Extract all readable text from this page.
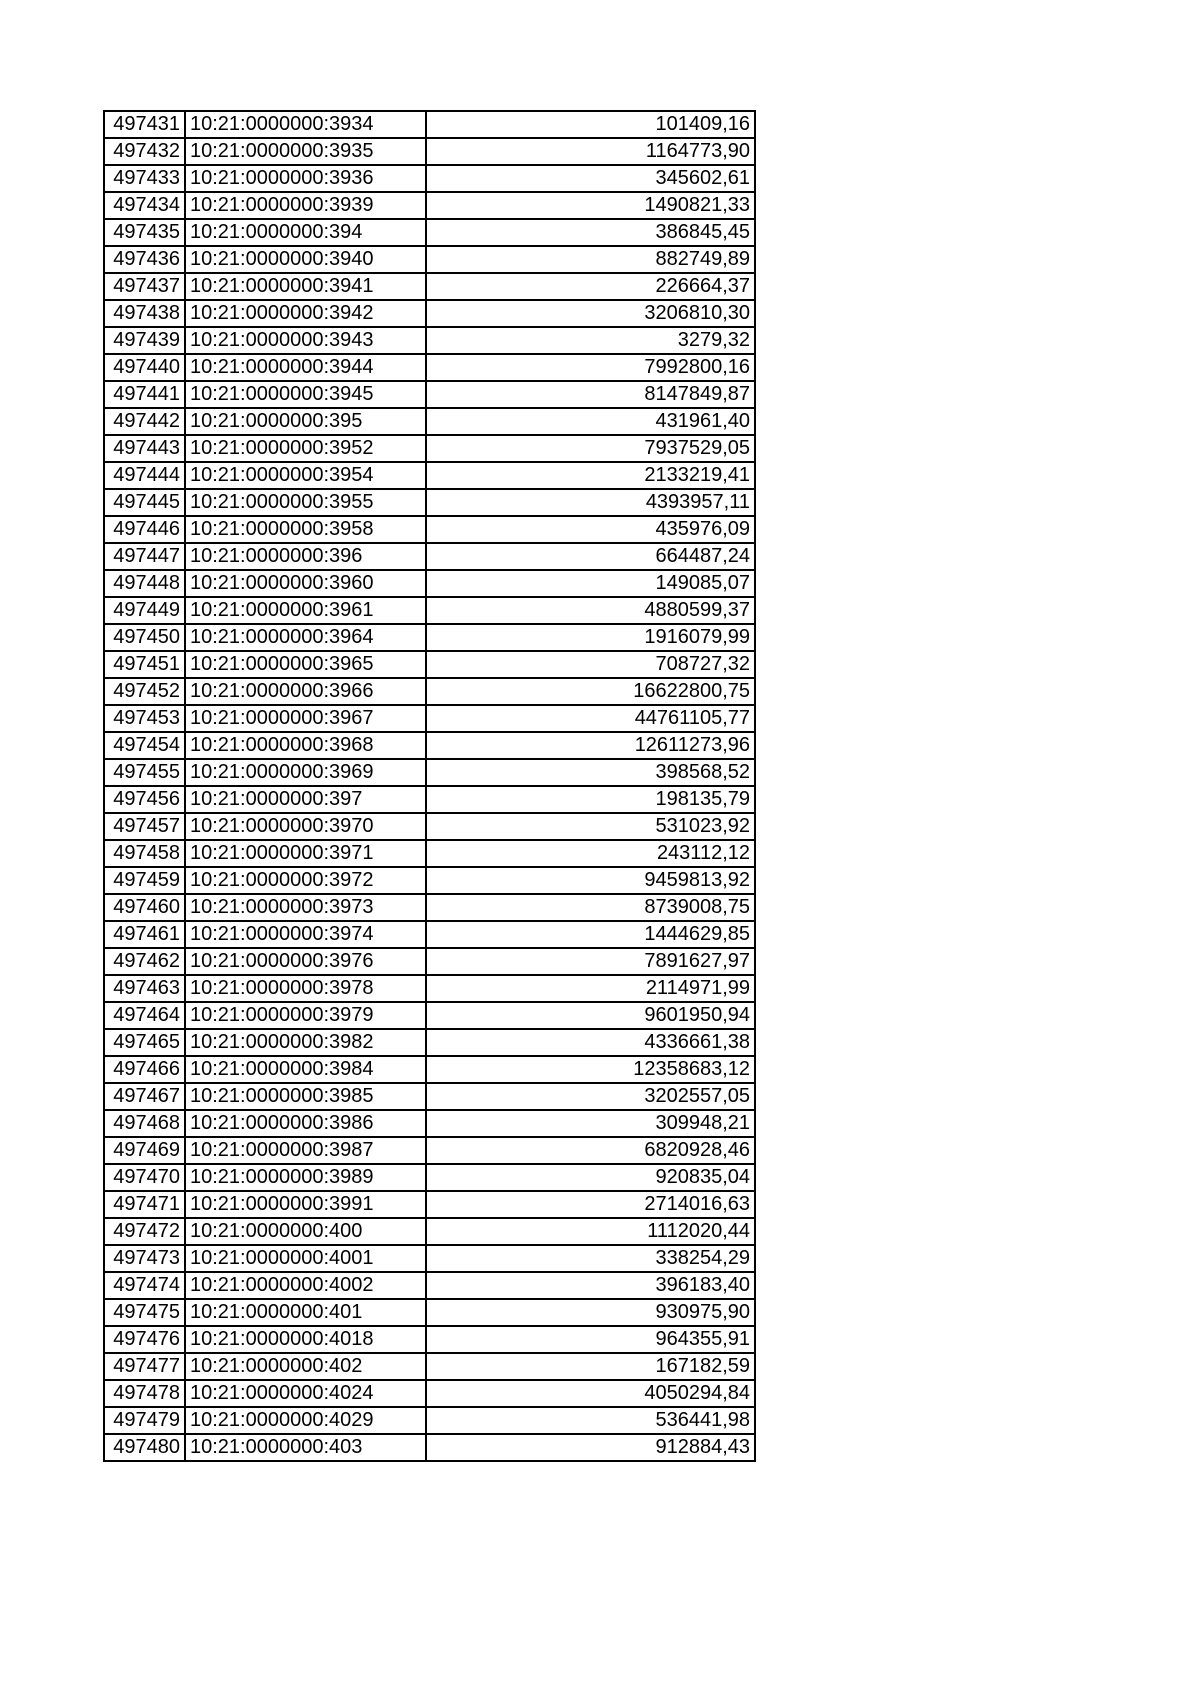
497431	10:21:0000000:3934	101409,16
497432	10:21:0000000:3935	1164773,90
497433	10:21:0000000:3936	345602,61
497434	10:21:0000000:3939	1490821,33
497435	10:21:0000000:394	386845,45
497436	10:21:0000000:3940	882749,89
497437	10:21:0000000:3941	226664,37
497438	10:21:0000000:3942	3206810,30
497439	10:21:0000000:3943	3279,32
497440	10:21:0000000:3944	7992800,16
497441	10:21:0000000:3945	8147849,87
497442	10:21:0000000:395	431961,40
497443	10:21:0000000:3952	7937529,05
497444	10:21:0000000:3954	2133219,41
497445	10:21:0000000:3955	4393957,11
497446	10:21:0000000:3958	435976,09
497447	10:21:0000000:396	664487,24
497448	10:21:0000000:3960	149085,07
497449	10:21:0000000:3961	4880599,37
497450	10:21:0000000:3964	1916079,99
497451	10:21:0000000:3965	708727,32
497452	10:21:0000000:3966	16622800,75
497453	10:21:0000000:3967	44761105,77
497454	10:21:0000000:3968	12611273,96
497455	10:21:0000000:3969	398568,52
497456	10:21:0000000:397	198135,79
497457	10:21:0000000:3970	531023,92
497458	10:21:0000000:3971	243112,12
497459	10:21:0000000:3972	9459813,92
497460	10:21:0000000:3973	8739008,75
497461	10:21:0000000:3974	1444629,85
497462	10:21:0000000:3976	7891627,97
497463	10:21:0000000:3978	2114971,99
497464	10:21:0000000:3979	9601950,94
497465	10:21:0000000:3982	4336661,38
497466	10:21:0000000:3984	12358683,12
497467	10:21:0000000:3985	3202557,05
497468	10:21:0000000:3986	309948,21
497469	10:21:0000000:3987	6820928,46
497470	10:21:0000000:3989	920835,04
497471	10:21:0000000:3991	2714016,63
497472	10:21:0000000:400	1112020,44
497473	10:21:0000000:4001	338254,29
497474	10:21:0000000:4002	396183,40
497475	10:21:0000000:401	930975,90
497476	10:21:0000000:4018	964355,91
497477	10:21:0000000:402	167182,59
497478	10:21:0000000:4024	4050294,84
497479	10:21:0000000:4029	536441,98
497480	10:21:0000000:403	912884,43
